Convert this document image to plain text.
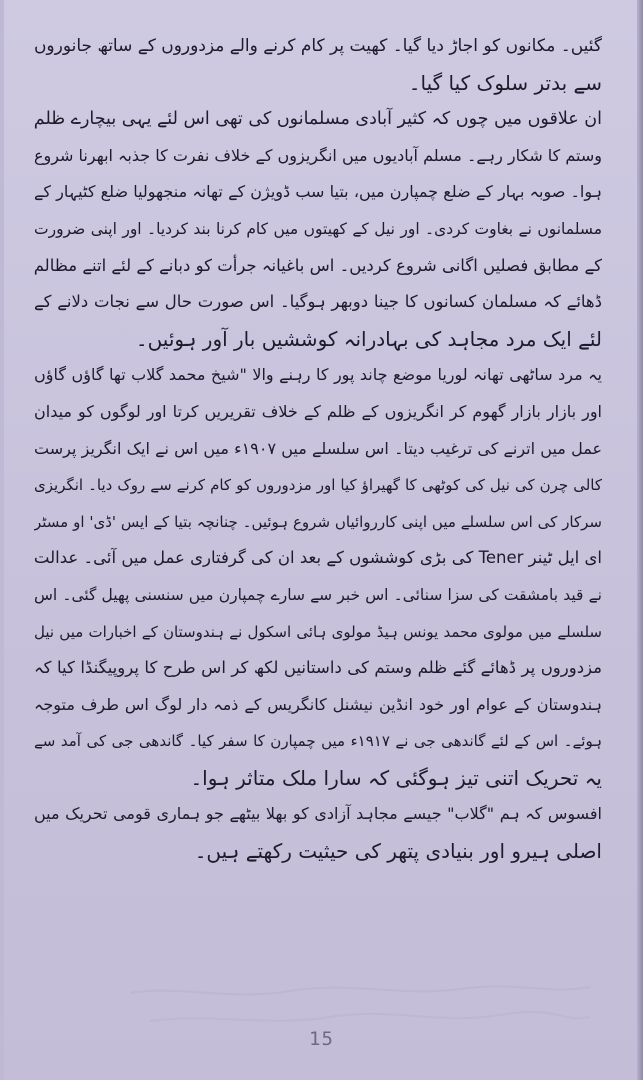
گئیں۔ مکانوں کو اجاڑ دیا گیا۔ کھیت پر کام کرنے والے مزدوروں کے ساتھ جانوروں
سے بدتر سلوک کیا گیا۔
ان علاقوں میں چوں کہ کثیر آبادی مسلمانوں کی تھی اس لئے یہی بیچارے ظلم
وستم کا شکار رہے۔ مسلم آبادیوں میں انگریزوں کے خلاف نفرت کا جذبہ ابھرنا شروع
ہوا۔ صوبہ بہار کے ضلع چمپارن میں، بتیا سب ڈویژن کے تھانہ منجھولیا ضلع کٹیہار کے
مسلمانوں نے بغاوت کردی۔ اور نیل کے کھیتوں میں کام کرنا بند کردیا۔ اور اپنی ضرورت
کے مطابق فصلیں اگانی شروع کردیں۔ اس باغیانہ جرأت کو دبانے کے لئے اتنے مظالم
ڈھائے کہ مسلمان کسانوں کا جینا دوبھر ہوگیا۔ اس صورت حال سے نجات دلانے کے
لئے ایک مرد مجاہد کی بہادرانہ کوششیں بار آور ہوئیں۔
یہ مرد ساٹھی تھانہ لوریا موضع چاند پور کا رہنے والا "شیخ محمد گلاب تھا گاؤں گاؤں
اور بازار بازار گھوم کر انگریزوں کے ظلم کے خلاف تقریریں کرتا اور لوگوں کو میدان
عمل میں اترنے کی ترغیب دیتا۔ اس سلسلے میں ۱۹۰۷ء میں اس نے ایک انگریز پرست
کالی چرن کی نیل کی کوٹھی کا گھیراؤ کیا اور مزدوروں کو کام کرنے سے روک دیا۔ انگریزی
سرکار کی اس سلسلے میں اپنی کارروائیاں شروع ہوئیں۔ چنانچہ بتیا کے ایس 'ڈی' او مسٹر
ای ایل ٹینر Tener کی بڑی کوششوں کے بعد ان کی گرفتاری عمل میں آئی۔ عدالت
نے قید بامشقت کی سزا سنائی۔ اس خبر سے سارے چمپارن میں سنسنی پھیل گئی۔ اس
سلسلے میں مولوی محمد یونس ہیڈ مولوی ہائی اسکول نے ہندوستان کے اخبارات میں نیل
مزدوروں پر ڈھائے گئے ظلم وستم کی داستانیں لکھ کر اس طرح کا پروپیگنڈا کیا کہ
ہندوستان کے عوام اور خود انڈین نیشنل کانگریس کے ذمہ دار لوگ اس طرف متوجہ
ہوئے۔ اس کے لئے گاندھی جی نے ۱۹۱۷ء میں چمپارن کا سفر کیا۔ گاندھی جی کی آمد سے
یہ تحریک اتنی تیز ہوگئی کہ سارا ملک متاثر ہوا۔
افسوس کہ ہم "گلاب" جیسے مجاہد آزادی کو بھلا بیٹھے جو ہماری قومی تحریک میں
اصلی ہیرو اور بنیادی پتھر کی حیثیت رکھتے ہیں۔
15
